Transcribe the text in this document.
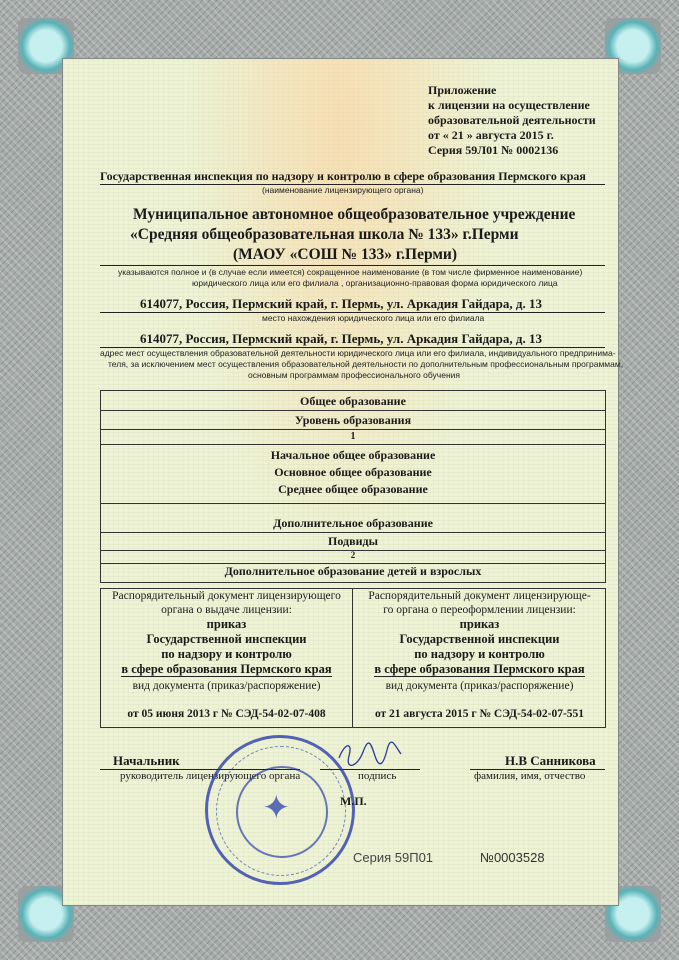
Приложение
к лицензии на осуществление
образовательной деятельности
от « 21 » августа 2015 г.
Серия 59Л01 № 0002136
Государственная инспекция по надзору и контролю в сфере образования Пермского края
(наименование лицензирующего органа)
Муниципальное автономное общеобразовательное учреждение
«Средняя общеобразовательная школа № 133» г.Перми
(МАОУ «СОШ № 133» г.Перми)
указываются полное и (в случае если имеется) сокращенное наименование (в том числе фирменное наименование)
юридического лица или его филиала , организационно-правовая форма юридического лица
614077, Россия, Пермский край, г. Пермь, ул. Аркадия Гайдара, д. 13
место нахождения юридического лица или его филиала
614077, Россия, Пермский край, г. Пермь, ул. Аркадия Гайдара, д. 13
адрес мест осуществления образовательной деятельности юридического лица или его филиала, индивидуального предпринима-
теля, за исключением мест осуществления образовательной деятельности по дополнительным профессиональным программам,
основным программам профессионального обучения
Общее образование
Уровень образования
1
Начальное общее образование
Основное общее образование
Среднее общее образование
Дополнительное образование
Подвиды
2
Дополнительное образование детей и взрослых
Распорядительный документ лицензирующего
органа о выдаче лицензии:
приказ
Государственной инспекции
по надзору и контролю
в сфере образования Пермского края
вид документа (приказ/распоряжение)
от 05 июня 2013 г № СЭД-54-02-07-408
Распорядительный документ лицензирующе-
го органа о переоформлении лицензии:
приказ
Государственной инспекции
по надзору и контролю
в сфере образования Пермского края
вид документа (приказ/распоряжение)
от 21 августа 2015 г № СЭД-54-02-07-551
Начальник
руководитель лицензирующего органа	подпись
Н.В Санникова
фамилия, имя, отчество
✦	М.П.
Серия 59П01	№0003528
